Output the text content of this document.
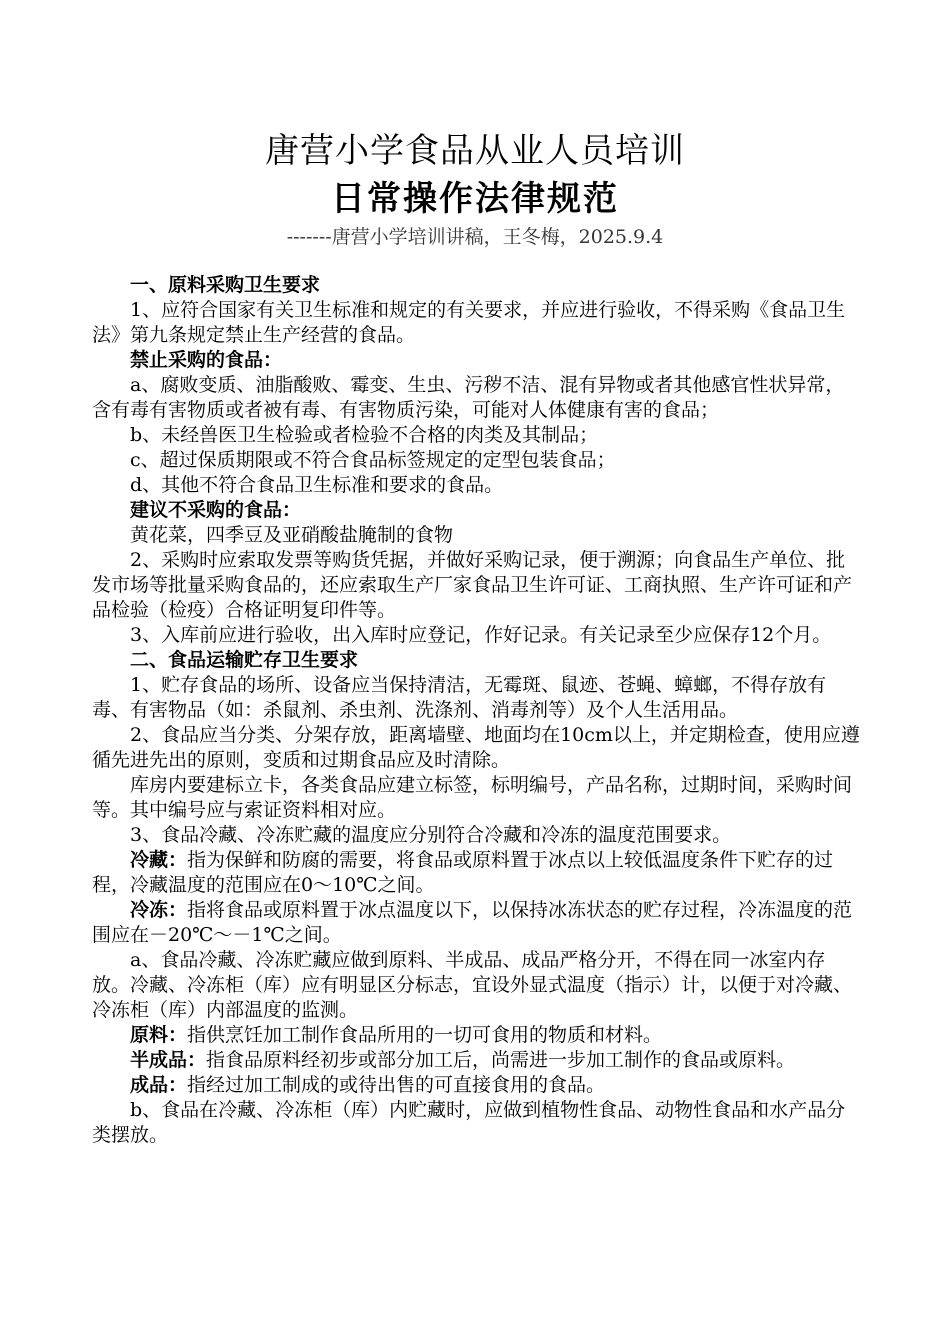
唐营小学食品从业人员培训
日常操作法律规范
-------唐营小学培训讲稿，王冬梅，2025.9.4

一、原料采购卫生要求

1、应符合国家有关卫生标准和规定的有关要求，并应进行验收，不得采购《食品卫生法》第九条规定禁止生产经营的食品。

禁止采购的食品：

a、腐败变质、油脂酸败、霉变、生虫、污秽不洁、混有异物或者其他感官性状异常，含有毒有害物质或者被有毒、有害物质污染，可能对人体健康有害的食品；

b、未经兽医卫生检验或者检验不合格的肉类及其制品；

c、超过保质期限或不符合食品标签规定的定型包装食品；

d、其他不符合食品卫生标准和要求的食品。

建议不采购的食品：

黄花菜，四季豆及亚硝酸盐腌制的食物

2、采购时应索取发票等购货凭据，并做好采购记录，便于溯源；向食品生产单位、批发市场等批量采购食品的，还应索取生产厂家食品卫生许可证、工商执照、生产许可证和产品检验（检疫）合格证明复印件等。

3、入库前应进行验收，出入库时应登记，作好记录。有关记录至少应保存12个月。

二、食品运输贮存卫生要求

1、贮存食品的场所、设备应当保持清洁，无霉斑、鼠迹、苍蝇、蟑螂，不得存放有毒、有害物品（如：杀鼠剂、杀虫剂、洗涤剂、消毒剂等）及个人生活用品。

2、食品应当分类、分架存放，距离墙壁、地面均在10cm以上，并定期检查，使用应遵循先进先出的原则，变质和过期食品应及时清除。

库房内要建标立卡，各类食品应建立标签，标明编号，产品名称，过期时间，采购时间等。其中编号应与索证资料相对应。

3、食品冷藏、冷冻贮藏的温度应分别符合冷藏和冷冻的温度范围要求。

冷藏：指为保鲜和防腐的需要，将食品或原料置于冰点以上较低温度条件下贮存的过程，冷藏温度的范围应在0～10℃之间。

冷冻：指将食品或原料置于冰点温度以下，以保持冰冻状态的贮存过程，冷冻温度的范围应在－20℃～－1℃之间。

a、食品冷藏、冷冻贮藏应做到原料、半成品、成品严格分开，不得在同一冰室内存放。冷藏、冷冻柜（库）应有明显区分标志，宜设外显式温度（指示）计，以便于对冷藏、冷冻柜（库）内部温度的监测。

原料：指供烹饪加工制作食品所用的一切可食用的物质和材料。

半成品：指食品原料经初步或部分加工后，尚需进一步加工制作的食品或原料。

成品：指经过加工制成的或待出售的可直接食用的食品。

b、食品在冷藏、冷冻柜（库）内贮藏时，应做到植物性食品、动物性食品和水产品分类摆放。
